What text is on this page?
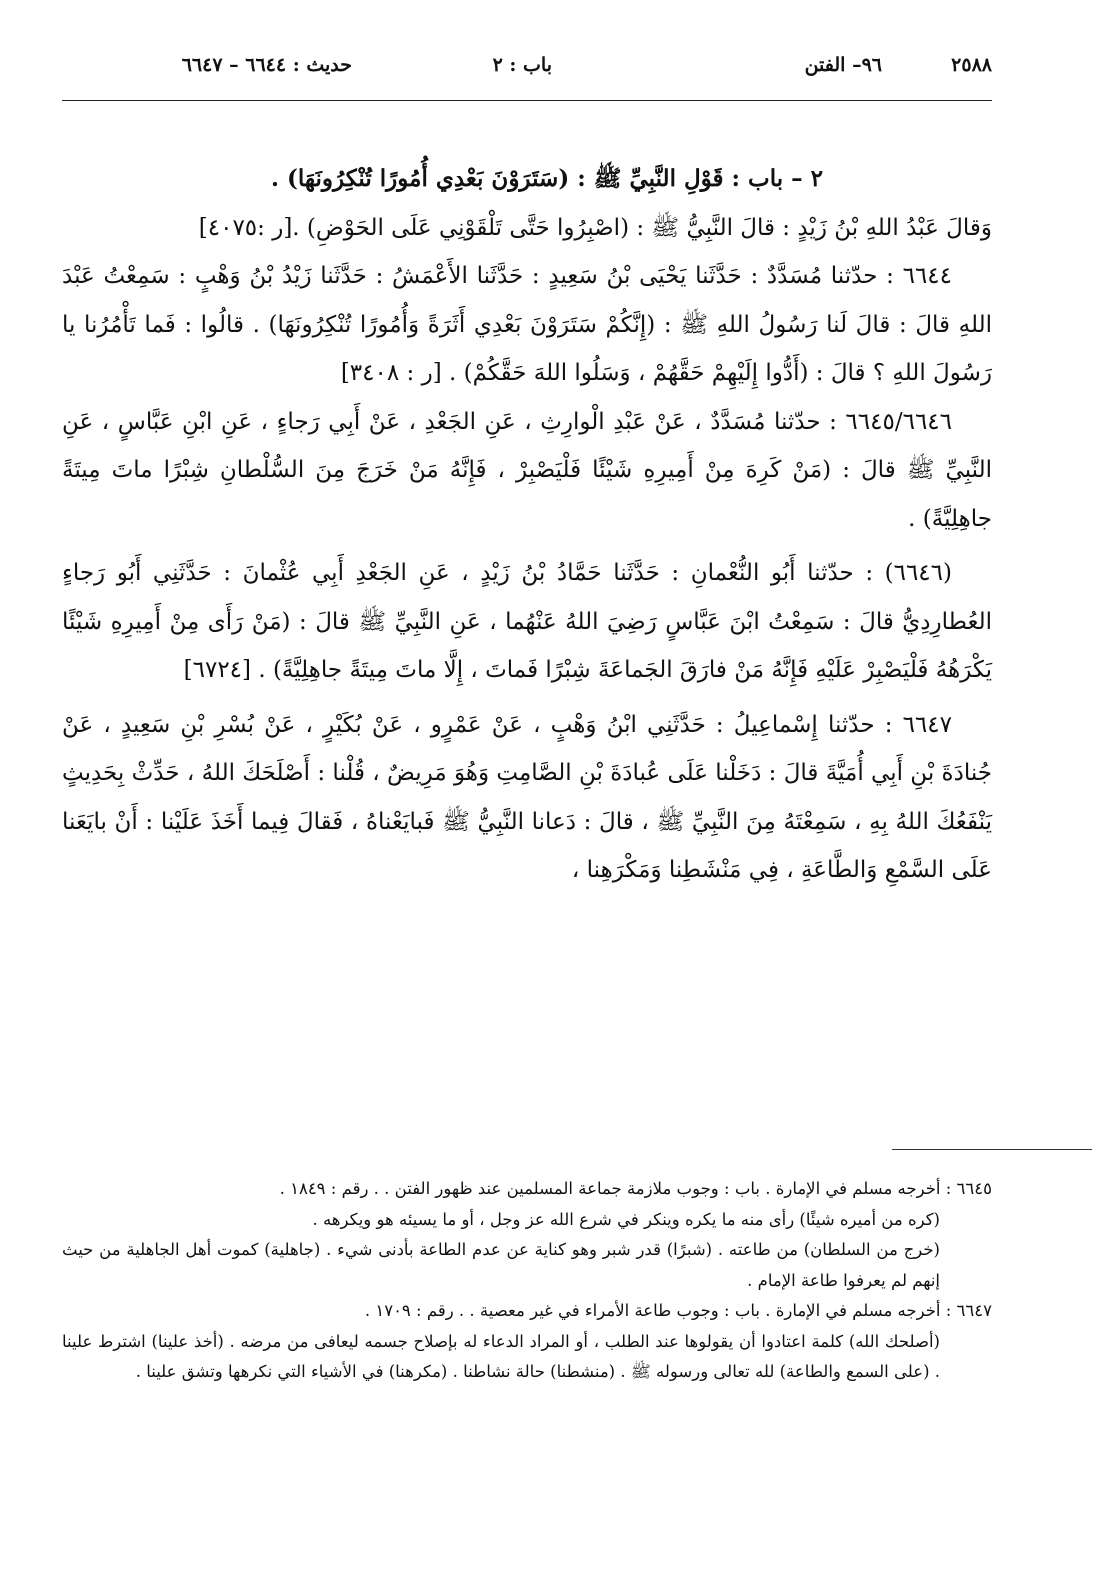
٢٥٨٨
٩٦– الفتن
باب : ٢
حديث : ٦٦٤٤ – ٦٦٤٧

٢ – باب : قَوْلِ النَّبِيِّ ﷺ : (سَتَرَوْنَ بَعْدِي أُمُورًا تُنْكِرُونَهَا) .

وَقالَ عَبْدُ اللهِ بْنُ زَيْدٍ : قالَ النَّبِيُّ ﷺ : (اصْبِرُوا حَتَّى تَلْقَوْنِي عَلَى الحَوْضِ) .[ر :٤٠٧٥]

٦٦٤٤ : حدّثنا مُسَدَّدٌ : حَدَّثَنا يَحْيَى بْنُ سَعِيدٍ : حَدَّثَنا الأَعْمَشُ : حَدَّثَنا زَيْدُ بْنُ وَهْبٍ : سَمِعْتُ عَبْدَ اللهِ قالَ : قالَ لَنا رَسُولُ اللهِ ﷺ : (إِنَّكُمْ سَتَرَوْنَ بَعْدِي أَثَرَةً وَأُمُورًا تُنْكِرُونَهَا) . قالُوا : فَما تَأْمُرُنا يا رَسُولَ اللهِ ؟ قالَ : (أَدُّوا إِلَيْهِمْ حَقَّهُمْ ، وَسَلُوا اللهَ حَقَّكُمْ) . [ر : ٣٤٠٨]

٦٦٤٥/٦٦٤٦ : حدّثنا مُسَدَّدٌ ، عَنْ عَبْدِ الْوارِثِ ، عَنِ الجَعْدِ ، عَنْ أَبِي رَجاءٍ ، عَنِ ابْنِ عَبَّاسٍ ، عَنِ النَّبِيِّ ﷺ قالَ : (مَنْ كَرِهَ مِنْ أَمِيرِهِ شَيْئًا فَلْيَصْبِرْ ، فَإِنَّهُ مَنْ خَرَجَ مِنَ السُّلْطانِ شِبْرًا ماتَ مِيتَةً جاهِلِيَّةً) .

(٦٦٤٦) : حدّثنا أَبُو النُّعْمانِ : حَدَّثَنا حَمَّادُ بْنُ زَيْدٍ ، عَنِ الجَعْدِ أَبِي عُثْمانَ : حَدَّثَنِي أَبُو رَجاءٍ العُطارِدِيُّ قالَ : سَمِعْتُ ابْنَ عَبَّاسٍ رَضِيَ اللهُ عَنْهُما ، عَنِ النَّبِيِّ ﷺ قالَ : (مَنْ رَأَى مِنْ أَمِيرِهِ شَيْئًا يَكْرَهُهُ فَلْيَصْبِرْ عَلَيْهِ فَإِنَّهُ مَنْ فارَقَ الجَماعَةَ شِبْرًا فَماتَ ، إِلَّا ماتَ مِيتَةً جاهِلِيَّةً) . [٦٧٢٤]

٦٦٤٧ : حدّثنا إِسْماعِيلُ : حَدَّثَنِي ابْنُ وَهْبٍ ، عَنْ عَمْرٍو ، عَنْ بُكَيْرٍ ، عَنْ بُسْرِ بْنِ سَعِيدٍ ، عَنْ جُنادَةَ بْنِ أَبِي أُمَيَّةَ قالَ : دَخَلْنا عَلَى عُبادَةَ بْنِ الصَّامِتِ وَهُوَ مَرِيضٌ ، قُلْنا : أَصْلَحَكَ اللهُ ، حَدِّثْ بِحَدِيثٍ يَنْفَعُكَ اللهُ بِهِ ، سَمِعْتَهُ مِنَ النَّبِيِّ ﷺ ، قالَ : دَعانا النَّبِيُّ ﷺ فَبايَعْناهُ ، فَقالَ فِيما أَخَذَ عَلَيْنا : أَنْ بايَعَنا عَلَى السَّمْعِ وَالطَّاعَةِ ، فِي مَنْشَطِنا وَمَكْرَهِنا ،

٦٦٤٥ : أخرجه مسلم في الإمارة . باب : وجوب ملازمة جماعة المسلمين عند ظهور الفتن . . رقم : ١٨٤٩ .

(كره من أميره شيئًا) رأى منه ما يكره وينكر في شرع الله عز وجل ، أو ما يسيئه هو ويكرهه .

(خرج من السلطان) من طاعته . (شبرًا) قدر شبر وهو كناية عن عدم الطاعة بأدنى شيء . (جاهلية) كموت أهل الجاهلية من حيث إنهم لم يعرفوا طاعة الإمام .

٦٦٤٧ : أخرجه مسلم في الإمارة . باب : وجوب طاعة الأمراء في غير معصية . . رقم : ١٧٠٩ .

(أصلحك الله) كلمة اعتادوا أن يقولوها عند الطلب ، أو المراد الدعاء له بإصلاح جسمه ليعافى من مرضه . (أخذ علينا) اشترط علينا . (على السمع والطاعة) لله تعالى ورسوله ﷺ . (منشطنا) حالة نشاطنا . (مكرهنا) في الأشياء التي نكرهها وتشق علينا .
